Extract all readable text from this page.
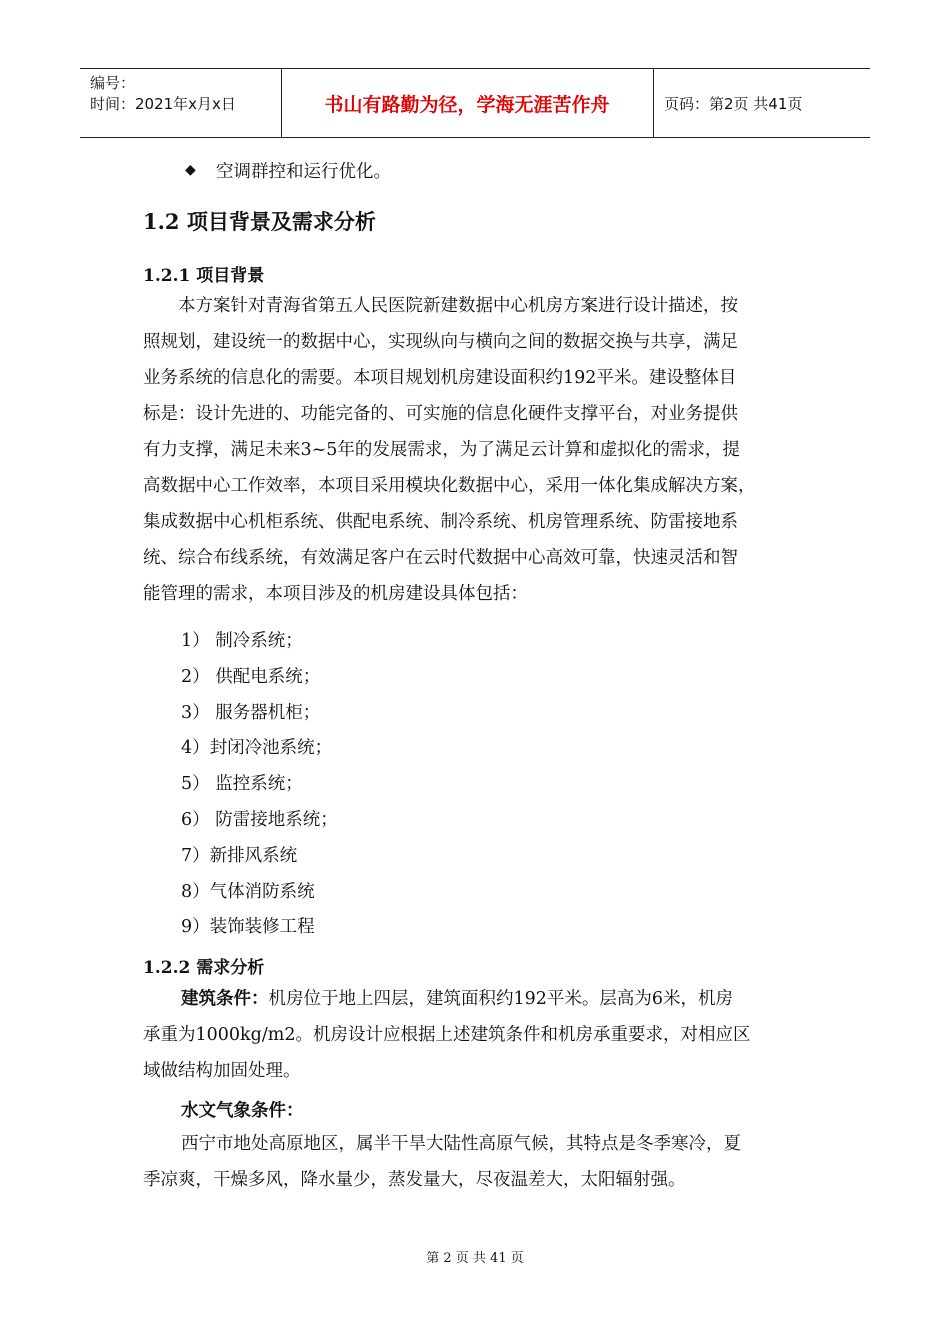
编号：
时间：2021年x月x日	书山有路勤为径，学海无涯苦作舟	页码：第2页 共41页
◆ 空调群控和运行优化。
1.2 项目背景及需求分析
1.2.1 项目背景
本方案针对青海省第五人民医院新建数据中心机房方案进行设计描述，按
照规划，建设统一的数据中心，实现纵向与横向之间的数据交换与共享，满足
业务系统的信息化的需要。本项目规划机房建设面积约192平米。建设整体目
标是：设计先进的、功能完备的、可实施的信息化硬件支撑平台，对业务提供
有力支撑，满足未来3~5年的发展需求，为了满足云计算和虚拟化的需求，提
高数据中心工作效率，本项目采用模块化数据中心，采用一体化集成解决方案，
集成数据中心机柜系统、供配电系统、制冷系统、机房管理系统、防雷接地系
统、综合布线系统，有效满足客户在云时代数据中心高效可靠，快速灵活和智
能管理的需求，本项目涉及的机房建设具体包括：
1） 制冷系统；
2） 供配电系统；
3） 服务器机柜；
4）封闭冷池系统；
5） 监控系统；
6） 防雷接地系统；
7）新排风系统
8）气体消防系统
9）装饰装修工程
1.2.2 需求分析
建筑条件：机房位于地上四层，建筑面积约192平米。层高为6米，机房
承重为1000kg/m2。机房设计应根据上述建筑条件和机房承重要求，对相应区
域做结构加固处理。
水文气象条件：
西宁市地处高原地区，属半干旱大陆性高原气候，其特点是冬季寒冷，夏
季凉爽，干燥多风，降水量少，蒸发量大，尽夜温差大，太阳辐射强。
第 2 页 共 41 页
